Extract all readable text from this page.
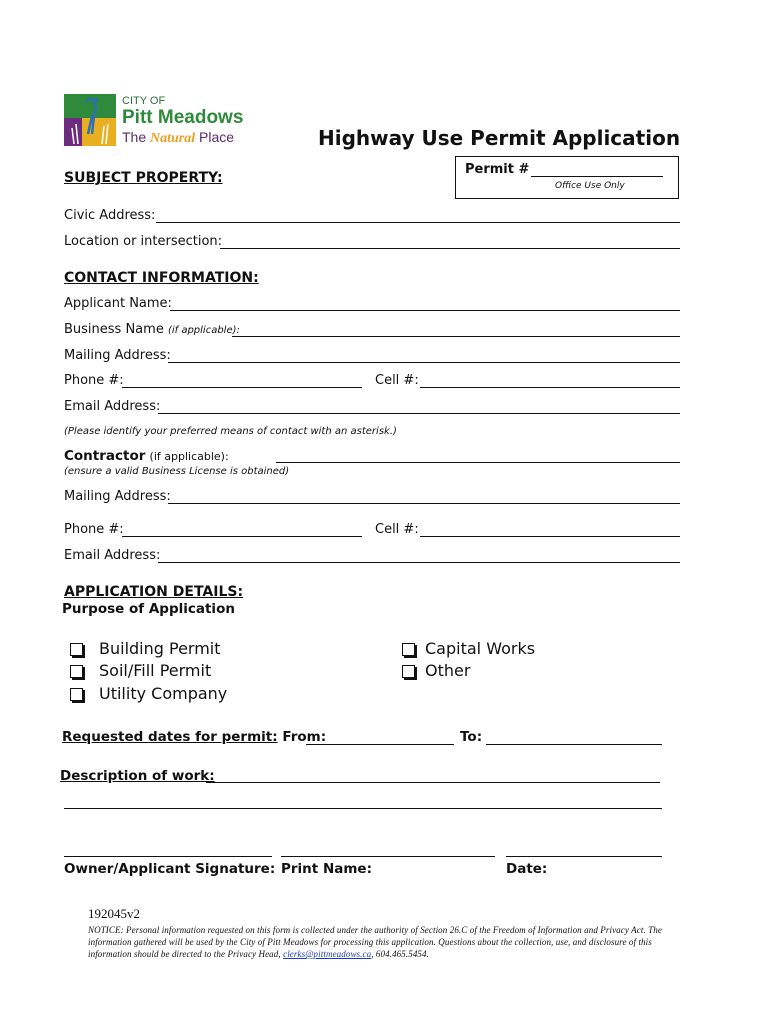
CITY OF
Pitt Meadows
The Natural Place	Highway Use Permit Application
Permit #
Office Use Only
SUBJECT PROPERTY:
Civic Address:
Location or intersection:
CONTACT INFORMATION:
Applicant Name:
Business Name (if applicable):
Mailing Address:
Phone #:	Cell #:
Email Address:
(Please identify your preferred means of contact with an asterisk.)
Contractor (if applicable):
(ensure a valid Business License is obtained)
Mailing Address:
Phone #:	Cell #:
Email Address:
APPLICATION DETAILS:
Purpose of Application
Building Permit
Soil/Fill Permit
Utility Company
Capital Works
Other
Requested dates for permit: From:	To:
Description of work:
Owner/Applicant Signature: Print Name:	Date:
192045v2
NOTICE: Personal information requested on this form is collected under the authority of Section 26.C of the Freedom of Information and Privacy Act. The information gathered will be used by the City of Pitt Meadows for processing this application. Questions about the collection, use, and disclosure of this information should be directed to the Privacy Head, clerks@pittmeadows.ca, 604.465.5454.
